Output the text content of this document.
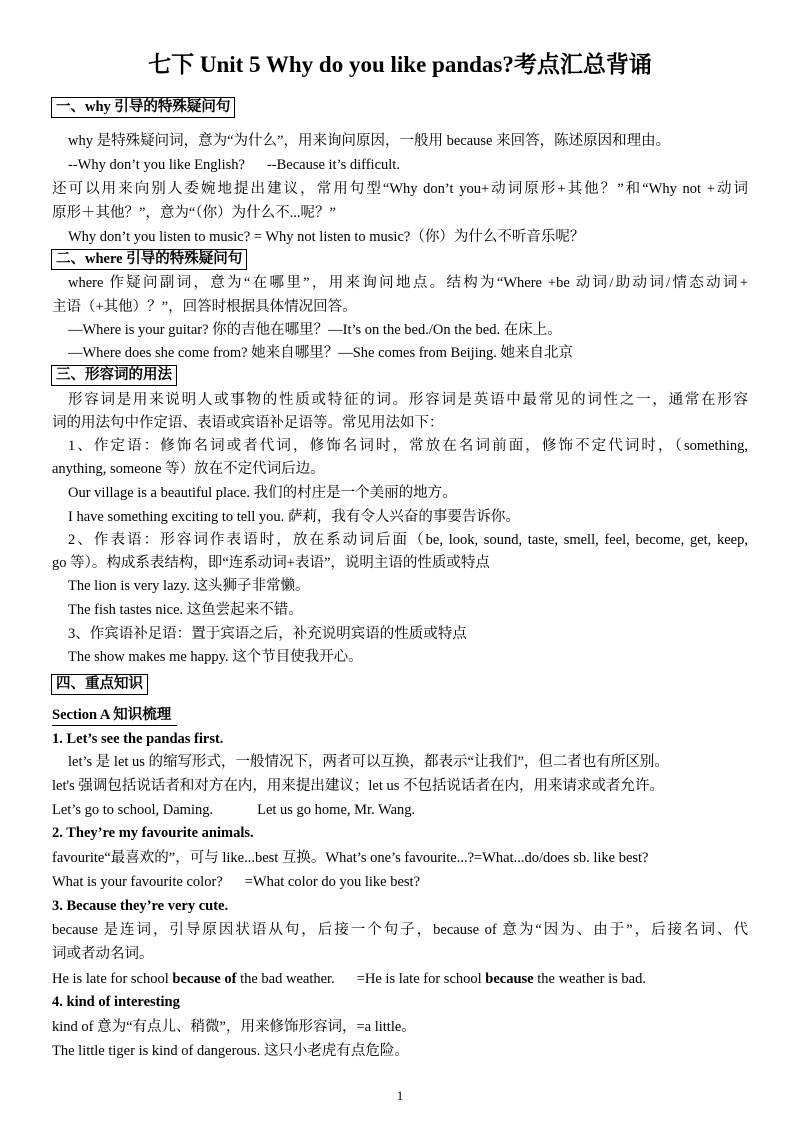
七下 Unit 5 Why do you like pandas?考点汇总背诵
一、why 引导的特殊疑问句
why 是特殊疑问词，意为“为什么”，用来询问原因，一般用 because 来回答，陈述原因和理由。
--Why don’t you like English? --Because it’s difficult.
还可以用来向别人委婉地提出建议，常用句型“Why don’t you+动词原形+其他？”和“Why not +动词
原形＋其他？”，意为“（你）为什么不...呢？”
Why don’t you listen to music? = Why not listen to music?（你）为什么不听音乐呢？
二、where 引导的特殊疑问句
where 作疑问副词，意为“在哪里”，用来询问地点。结构为“Where +be 动词/助动词/情态动词+
主语（+其他）？”，回答时根据具体情况回答。
—Where is your guitar? 你的吉他在哪里？—It’s on the bed./On the bed. 在床上。
—Where does she come from? 她来自哪里？—She comes from Beijing. 她来自北京
三、形容词的用法
形容词是用来说明人或事物的性质或特征的词。形容词是英语中最常见的词性之一，通常在形容
词的用法句中作定语、表语或宾语补足语等。常见用法如下：
1、作定语：修饰名词或者代词，修饰名词时，常放在名词前面，修饰不定代词时，（something,
anything, someone 等）放在不定代词后边。
Our village is a beautiful place. 我们的村庄是一个美丽的地方。
I have something exciting to tell you. 萨莉，我有令人兴奋的事要告诉你。
2、作表语：形容词作表语时，放在系动词后面（be, look, sound, taste, smell, feel, become, get, keep,
go 等）。构成系表结构，即“连系动词+表语”，说明主语的性质或特点
The lion is very lazy. 这头狮子非常懒。
The fish tastes nice. 这鱼尝起来不错。
3、作宾语补足语：置于宾语之后，补充说明宾语的性质或特点
The show makes me happy. 这个节目使我开心。
四、重点知识
Section A 知识梳理
1. Let’s see the pandas first.
let’s 是 let us 的缩写形式，一般情况下，两者可以互换，都表示“让我们”，但二者也有所区别。
let's 强调包括说话者和对方在内，用来提出建议；let us 不包括说话者在内，用来请求或者允许。
Let’s go to school, Daming.	Let us go home, Mr. Wang.
2. They’re my favourite animals.
favourite“最喜欢的”，可与 like...best 互换。What’s one’s favourite...?=What...do/does sb. like best?
What is your favourite color? =What color do you like best?
3. Because they’re very cute.
because 是连词，引导原因状语从句，后接一个句子，because of 意为“因为、由于”，后接名词、代
词或者动名词。
He is late for school because of the bad weather. =He is late for school because the weather is bad.
4. kind of interesting
kind of 意为“有点儿、稍微”，用来修饰形容词，=a little。
The little tiger is kind of dangerous. 这只小老虎有点危险。
1
